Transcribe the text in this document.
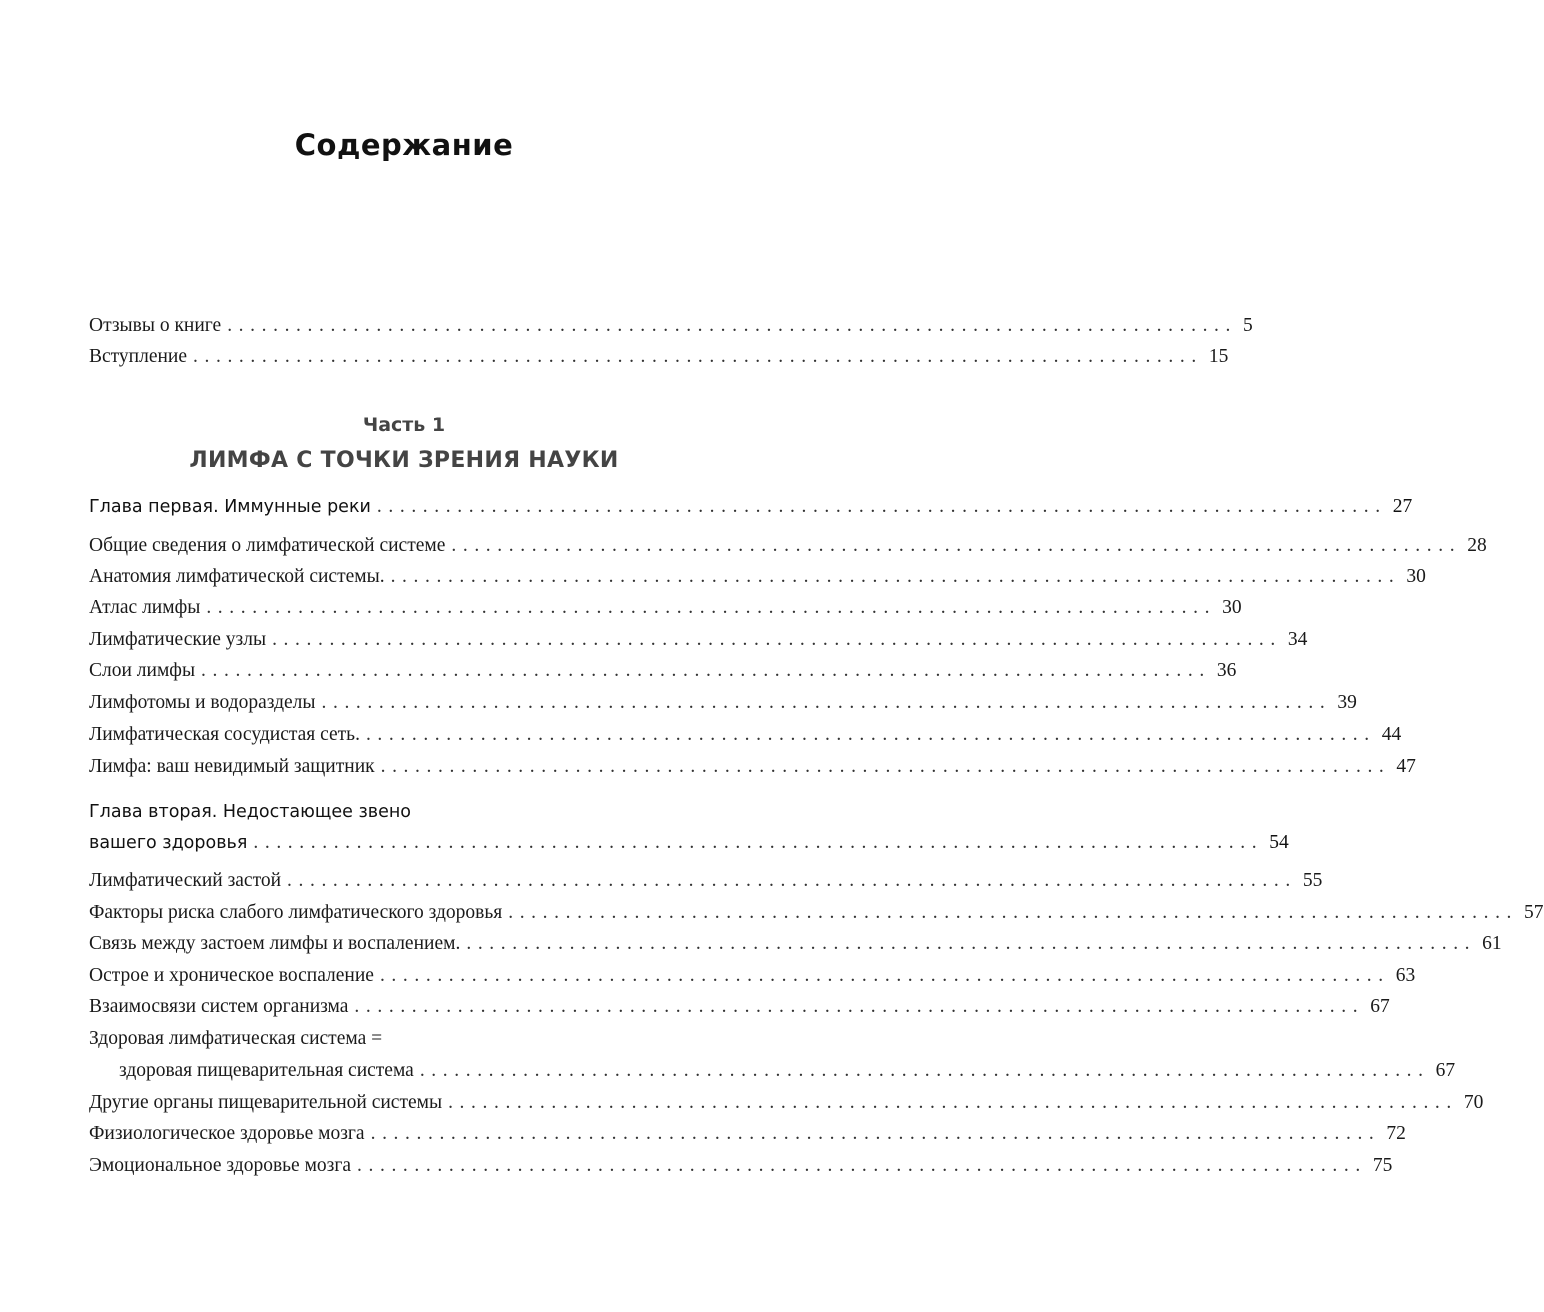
Содержание
Отзывы о книге ........................................................................................ 5
Вступление ........................................................................................ 15
Часть 1
ЛИМФА С ТОЧКИ ЗРЕНИЯ НАУКИ
Глава первая. Иммунные реки ........................................................................................ 27
Общие сведения о лимфатической системе ........................................................................................ 28
Анатомия лимфатической системы. ........................................................................................ 30
Атлас лимфы ........................................................................................ 30
Лимфатические узлы ........................................................................................ 34
Слои лимфы ........................................................................................ 36
Лимфотомы и водоразделы ........................................................................................ 39
Лимфатическая сосудистая сеть. ........................................................................................ 44
Лимфа: ваш невидимый защитник ........................................................................................ 47
Глава вторая. Недостающее звено
вашего здоровья ........................................................................................ 54
Лимфатический застой ........................................................................................ 55
Факторы риска слабого лимфатического здоровья ........................................................................................ 57
Связь между застоем лимфы и воспалением. ........................................................................................ 61
Острое и хроническое воспаление ........................................................................................ 63
Взаимосвязи систем организма ........................................................................................ 67
Здоровая лимфатическая система =
здоровая пищеварительная система ........................................................................................ 67
Другие органы пищеварительной системы ........................................................................................ 70
Физиологическое здоровье мозга ........................................................................................ 72
Эмоциональное здоровье мозга ........................................................................................ 75
